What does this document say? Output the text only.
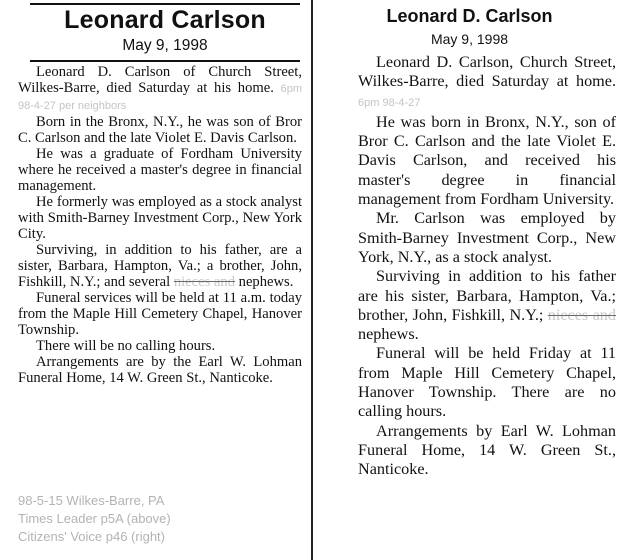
Leonard Carlson
May 9, 1998

Leonard D. Carlson of Church Street, Wilkes-Barre, died Saturday at his home. 6pm 98-4-27 per neighbors

Born in the Bronx, N.Y., he was son of Bror C. Carlson and the late Violet E. Davis Carlson.

He was a graduate of Fordham University where he received a master's degree in financial management.

He formerly was employed as a stock analyst with Smith-Barney Investment Corp., New York City.

Surviving, in addition to his father, are a sister, Barbara, Hampton, Va.; a brother, John, Fishkill, N.Y.; and several nieces and nephews.

Funeral services will be held at 11 a.m. today from the Maple Hill Cemetery Chapel, Hanover Township.

There will be no calling hours.

Arrangements are by the Earl W. Lohman Funeral Home, 14 W. Green St., Nanticoke.

98-5-15 Wilkes-Barre, PA
Times Leader p5A (above)
Citizens' Voice p46 (right)
Leonard D. Carlson
May 9, 1998

Leonard D. Carlson, Church Street, Wilkes-Barre, died Saturday at home. 6pm 98-4-27

He was born in Bronx, N.Y., son of Bror C. Carlson and the late Violet E. Davis Carlson, and received his master's degree in financial management from Fordham University.

Mr. Carlson was employed by Smith-Barney Investment Corp., New York, N.Y., as a stock analyst.

Surviving in addition to his father are his sister, Barbara, Hampton, Va.; brother, John, Fishkill, N.Y.; nieces and nephews.

Funeral will be held Friday at 11 from Maple Hill Cemetery Chapel, Hanover Township. There are no calling hours.

Arrangements by Earl W. Lohman Funeral Home, 14 W. Green St., Nanticoke.
